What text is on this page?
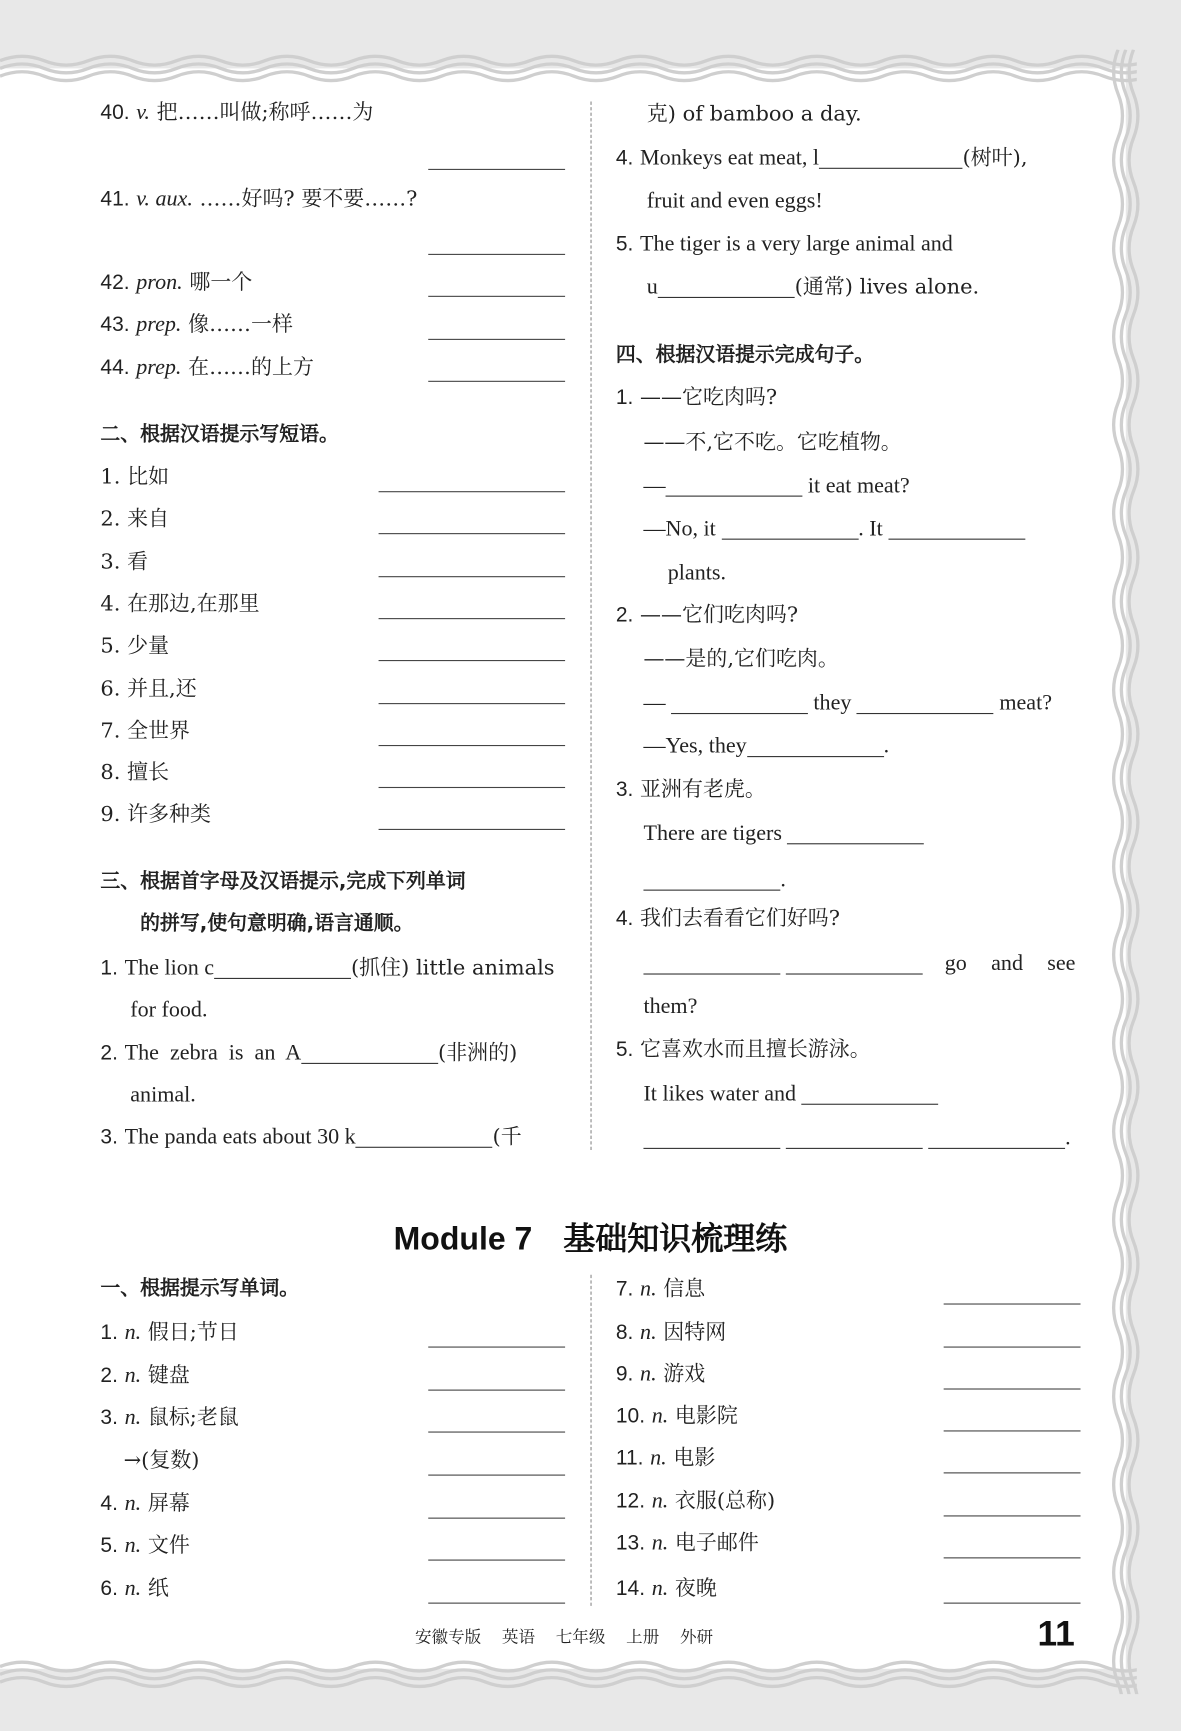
40. v. 把……叫做;称呼……为
41. v. aux. ……好吗? 要不要……?
42. pron. 哪一个
43. prep. 像……一样
44. prep. 在……的上方
二、根据汉语提示写短语。
1. 比如
2. 来自
3. 看
4. 在那边,在那里
5. 少量
6. 并且,还
7. 全世界
8. 擅长
9. 许多种类
三、根据首字母及汉语提示,完成下列单词
的拼写,使句意明确,语言通顺。
1. The lion c	(抓住) little animals
for food.
2. The zebra is an A	(非洲的)
animal.
3. The panda eats about 30 k	(千
克) of bamboo a day.
4. Monkeys eat meat, l	(树叶),
fruit and even eggs!
5. The tiger is a very large animal and
u	(通常) lives alone.
四、根据汉语提示完成句子。
1. ——它吃肉吗?
——不,它不吃。它吃植物。
—	it eat meat?
—No, it	. It
plants.
2. ——它们吃肉吗?
——是的,它们吃肉。
—	they	meat?
—Yes, they	.
3. 亚洲有老虎。
There are tigers
.
4. 我们去看看它们好吗?
go and see
them?
5. 它喜欢水而且擅长游泳。
It likes water and
.
Module 7 基础知识梳理练
一、根据提示写单词。
1. n. 假日;节日
2. n. 键盘
3. n. 鼠标;老鼠
→(复数)
4. n. 屏幕
5. n. 文件
6. n. 纸
7. n. 信息
8. n. 因特网
9. n. 游戏
10. n. 电影院
11. n. 电影
12. n. 衣服(总称)
13. n. 电子邮件
14. n. 夜晚
安徽专版 英语 七年级 上册 外研	11
